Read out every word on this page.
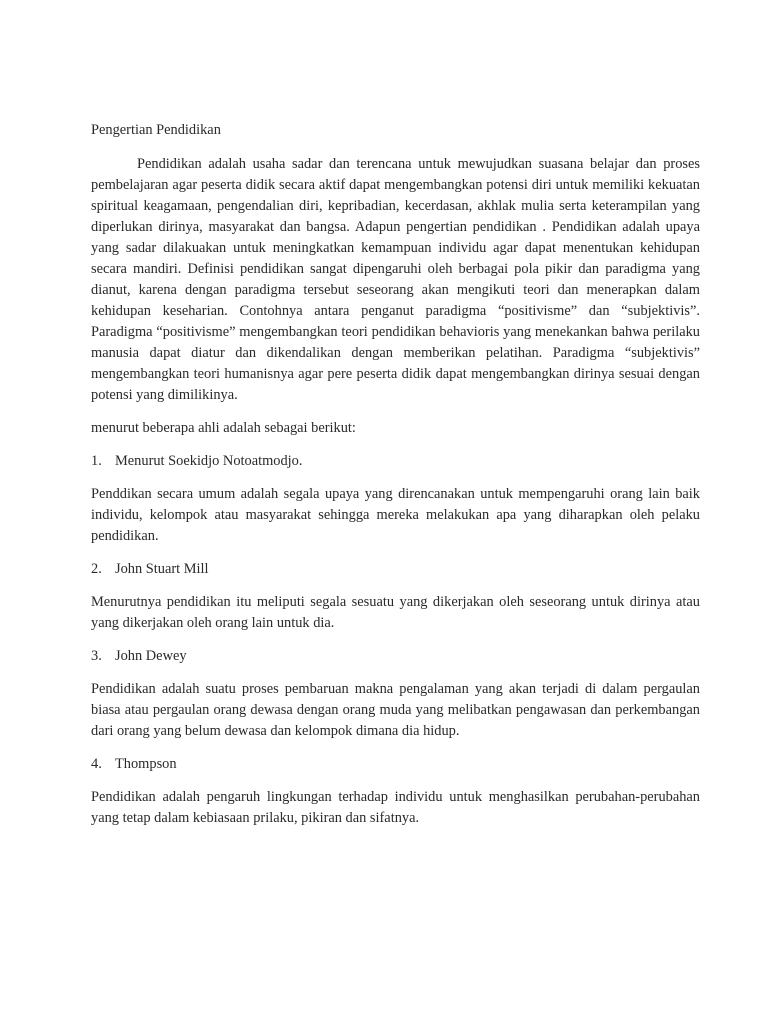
Pengertian Pendidikan

Pendidikan adalah usaha sadar dan terencana untuk mewujudkan suasana belajar dan proses pembelajaran agar peserta didik secara aktif dapat mengembangkan potensi diri untuk memiliki kekuatan spiritual keagamaan, pengendalian diri, kepribadian, kecerdasan, akhlak mulia serta keterampilan yang diperlukan dirinya, masyarakat dan bangsa. Adapun pengertian pendidikan . Pendidikan adalah upaya yang sadar dilakuakan untuk meningkatkan kemampuan individu agar dapat menentukan kehidupan secara mandiri. Definisi pendidikan sangat dipengaruhi oleh berbagai pola pikir dan paradigma yang dianut, karena dengan paradigma tersebut seseorang akan mengikuti teori dan menerapkan dalam kehidupan keseharian. Contohnya antara penganut paradigma “positivisme” dan “subjektivis”. Paradigma “positivisme” mengembangkan teori pendidikan behavioris yang menekankan bahwa perilaku manusia dapat diatur dan dikendalikan dengan memberikan pelatihan. Paradigma “subjektivis” mengembangkan teori humanisnya agar pere peserta didik dapat mengembangkan dirinya sesuai dengan potensi yang dimilikinya.

menurut beberapa ahli adalah sebagai berikut:

1. Menurut Soekidjo Notoatmodjo.

Penddikan secara umum adalah segala upaya yang direncanakan untuk mempengaruhi orang lain baik individu, kelompok atau masyarakat sehingga mereka melakukan apa yang diharapkan oleh pelaku pendidikan.

2. John Stuart Mill

Menurutnya pendidikan itu meliputi segala sesuatu yang dikerjakan oleh seseorang untuk dirinya atau yang dikerjakan oleh orang lain untuk dia.

3. John Dewey

Pendidikan adalah suatu proses pembaruan makna pengalaman yang akan terjadi di dalam pergaulan biasa atau pergaulan orang dewasa dengan orang muda yang melibatkan pengawasan dan perkembangan dari orang yang belum dewasa dan kelompok dimana dia hidup.

4. Thompson

Pendidikan adalah pengaruh lingkungan terhadap individu untuk menghasilkan perubahan-perubahan yang tetap dalam kebiasaan prilaku, pikiran dan sifatnya.
